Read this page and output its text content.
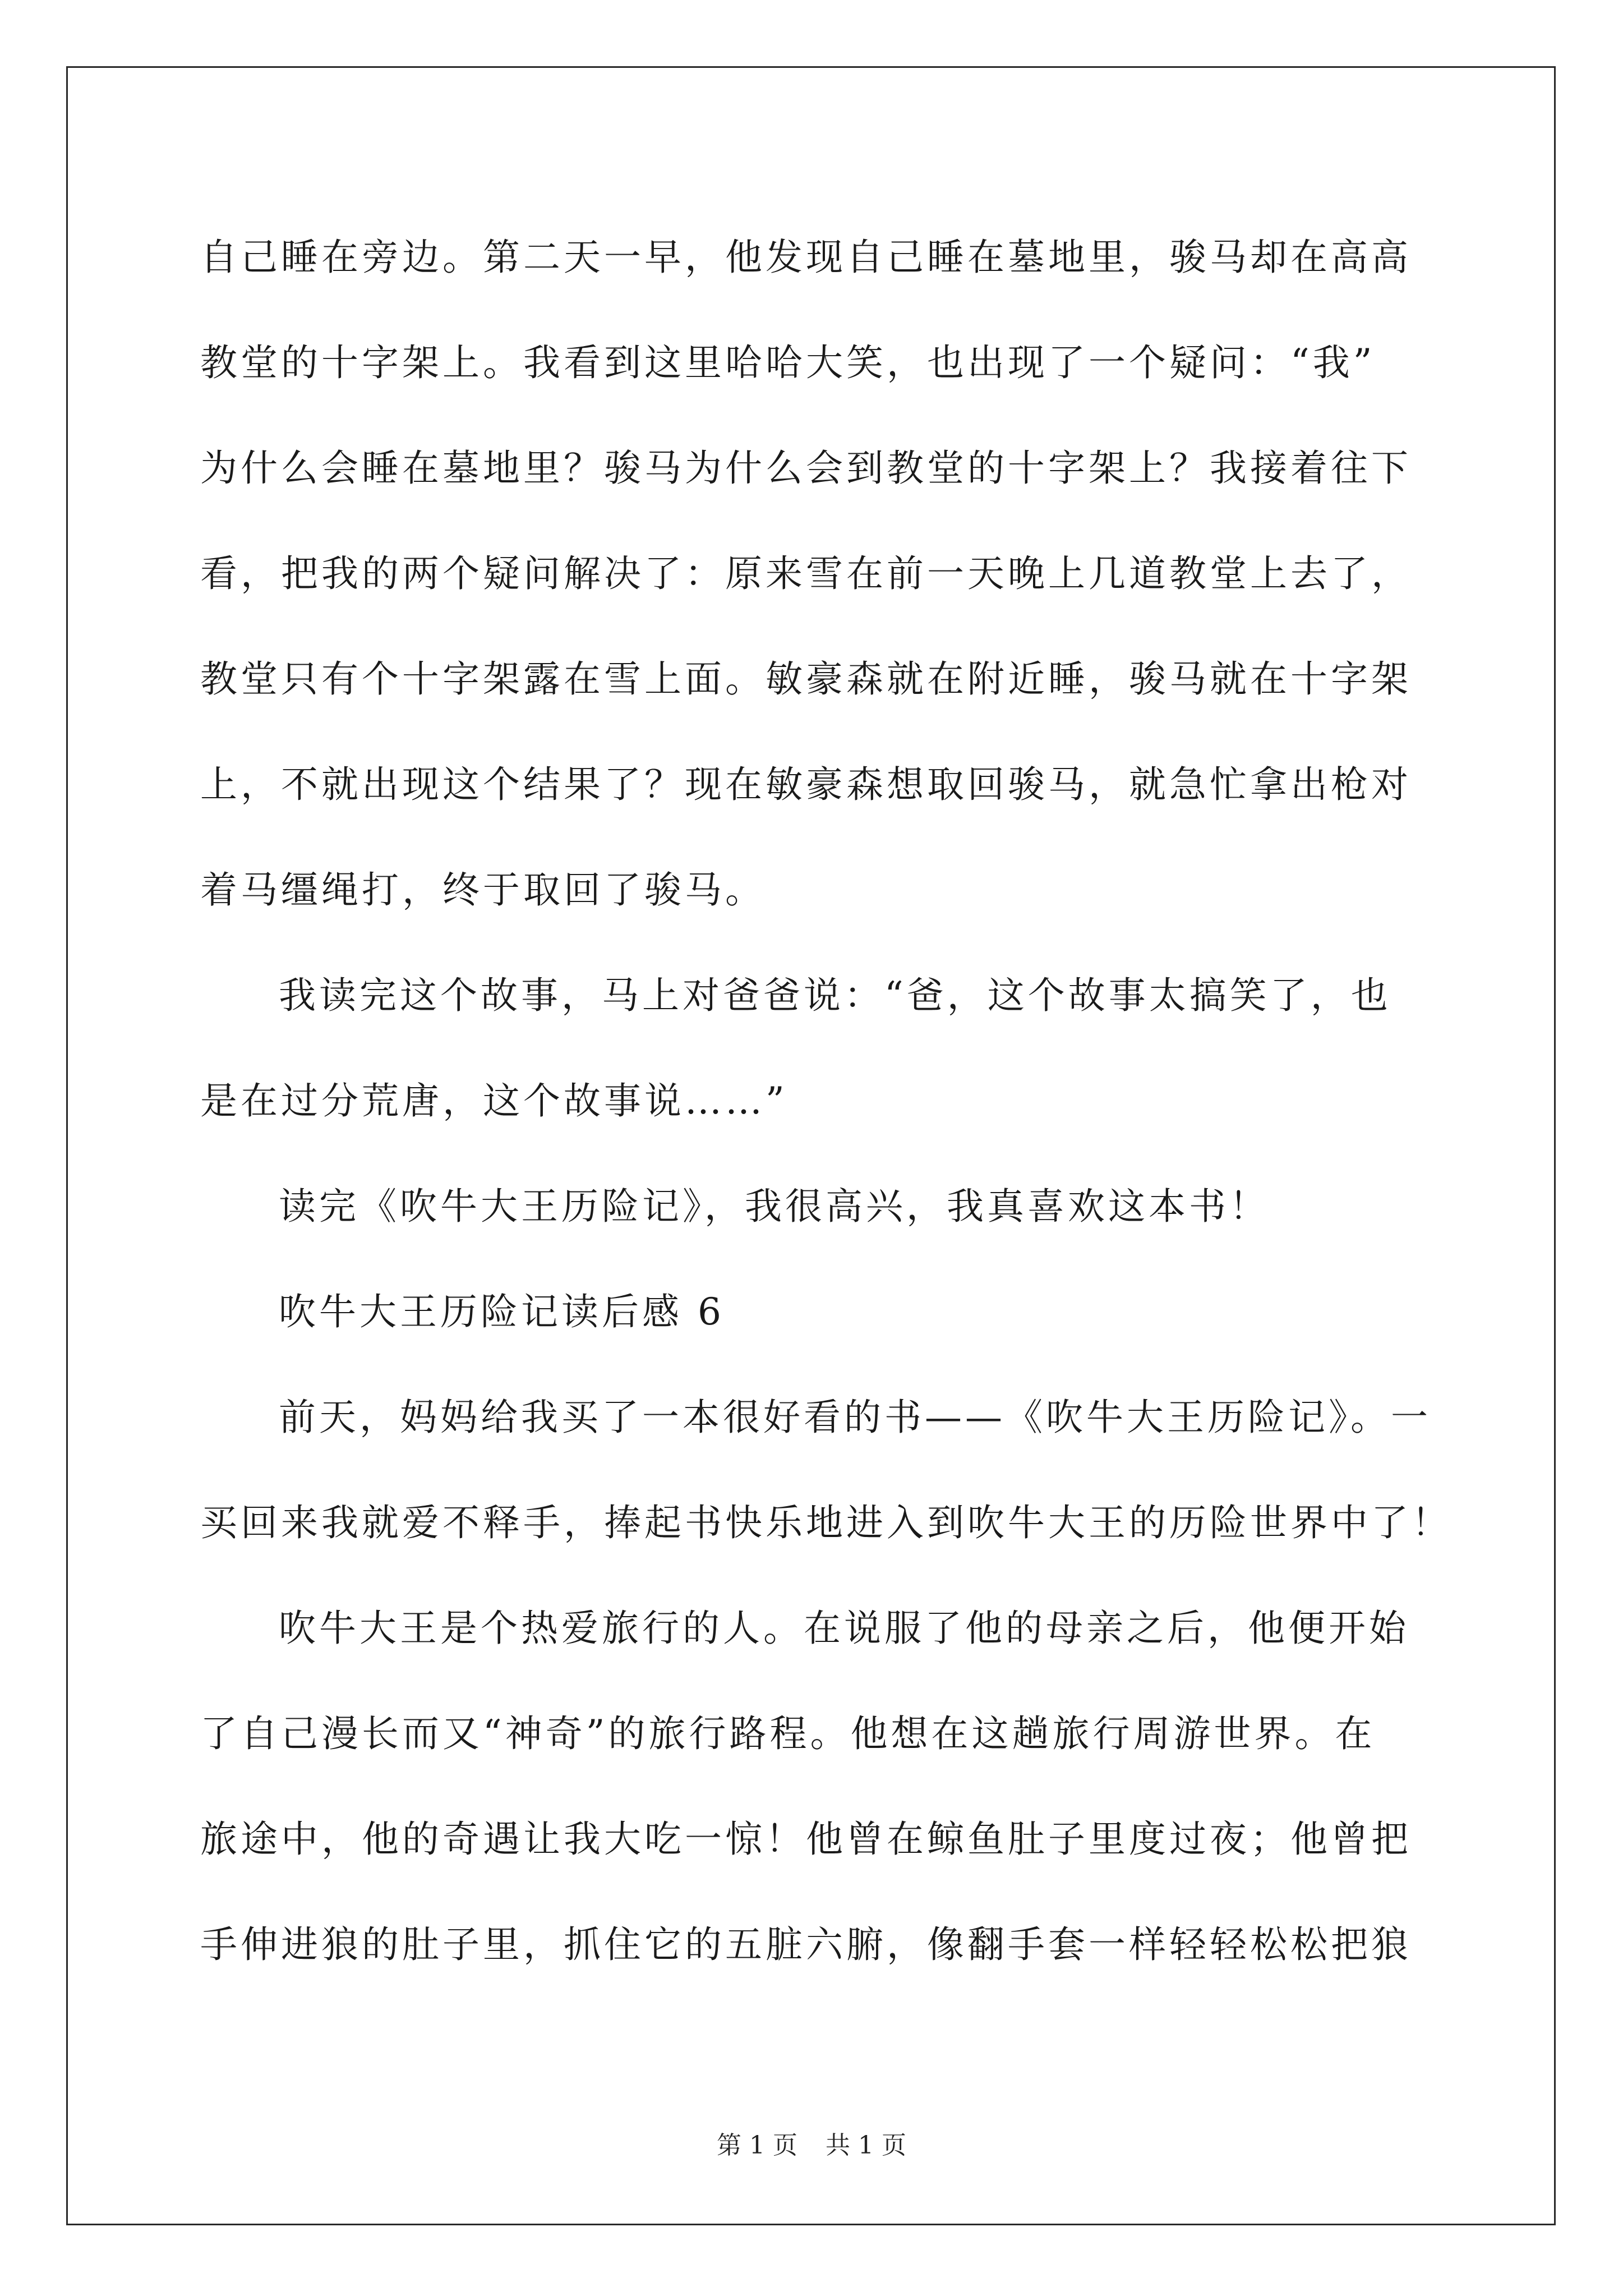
自己睡在旁边。第二天一早，他发现自己睡在墓地里，骏马却在高高
教堂的十字架上。我看到这里哈哈大笑，也出现了一个疑问：“我”
为什么会睡在墓地里？骏马为什么会到教堂的十字架上？我接着往下
看，把我的两个疑问解决了：原来雪在前一天晚上几道教堂上去了，
教堂只有个十字架露在雪上面。敏豪森就在附近睡，骏马就在十字架
上，不就出现这个结果了？现在敏豪森想取回骏马，就急忙拿出枪对
着马缰绳打，终于取回了骏马。
我读完这个故事，马上对爸爸说：“爸，这个故事太搞笑了，也
是在过分荒唐，这个故事说……”
读完《吹牛大王历险记》，我很高兴，我真喜欢这本书！
吹牛大王历险记读后感 6
前天，妈妈给我买了一本很好看的书——《吹牛大王历险记》。一
买回来我就爱不释手，捧起书快乐地进入到吹牛大王的历险世界中了！
吹牛大王是个热爱旅行的人。在说服了他的母亲之后，他便开始
了自己漫长而又“神奇”的旅行路程。他想在这趟旅行周游世界。在
旅途中，他的奇遇让我大吃一惊！他曾在鲸鱼肚子里度过夜；他曾把
手伸进狼的肚子里，抓住它的五脏六腑，像翻手套一样轻轻松松把狼
第 1 页 共 1 页
